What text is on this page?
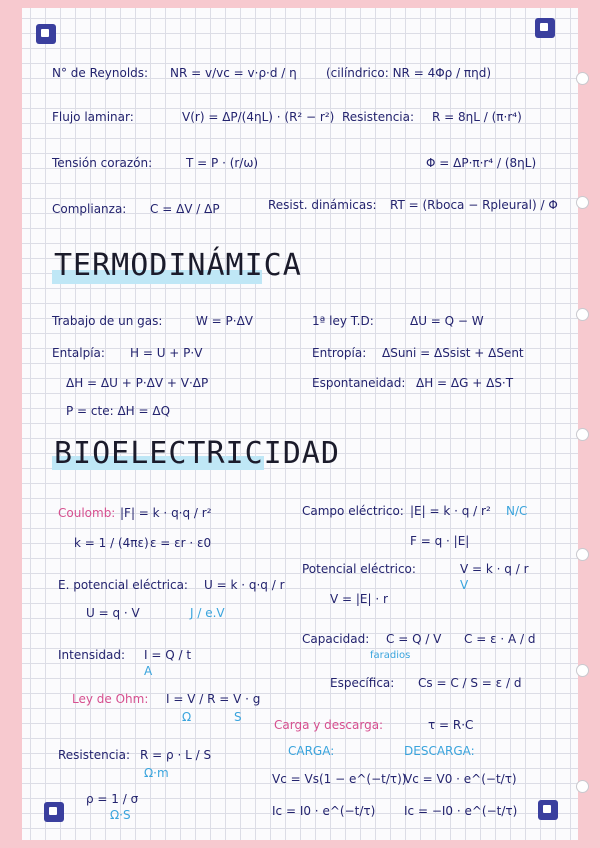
N° de Reynolds: NR = v/vc = v·ρ·d / η (cilíndrico: NR = 4Φρ / πηd)
Flujo laminar:	V(r) = ΔP/(4ηL) · (R² − r²) Resistencia: R = 8ηL / (π·r⁴)
Tensión corazón:	T = P · (r/ω)	Φ = ΔP·π·r⁴ / (8ηL)
Complianza: C = ΔV / ΔP	Resist. dinámicas: RT = (Rboca − Rpleural) / Φ
TERMODINÁMICA
Trabajo de un gas:	W = P·ΔV	1ª ley T.D:	ΔU = Q − W
Entalpía: H = U + P·V	Entropía: ΔSuni = ΔSsist + ΔSent
ΔH = ΔU + P·ΔV + V·ΔP	Espontaneidad: ΔH = ΔG + ΔS·T
P = cte: ΔH = ΔQ
BIOELECTRICIDAD
Coulomb: |F| = k · q·q / r²	Campo eléctrico: |E| = k · q / r² N/C
k = 1 / (4πε) ε = εr · ε0	F = q · |E|
E. potencial eléctrica: U = k · q·q / r
Potencial eléctrico:	V = k · q / r
V
U = q · V	J / e.V
V = |E| · r
Capacidad: C = Q / V
faradios
C = ε · A / d
Intensidad: I = Q / t
A
Específica: Cs = C / S = ε / d
Ley de Ohm: I = V / R = V · g
Ω	S
Carga y descarga:	τ = R·C
Resistencia: R = ρ · L / S
Ω·m
CARGA:	DESCARGA:
Vc = Vs(1 − e^(−t/τ))
Vc = V0 · e^(−t/τ)
ρ = 1 / σ
Ω·S	Ic = I0 · e^(−t/τ) Ic = −I0 · e^(−t/τ)
